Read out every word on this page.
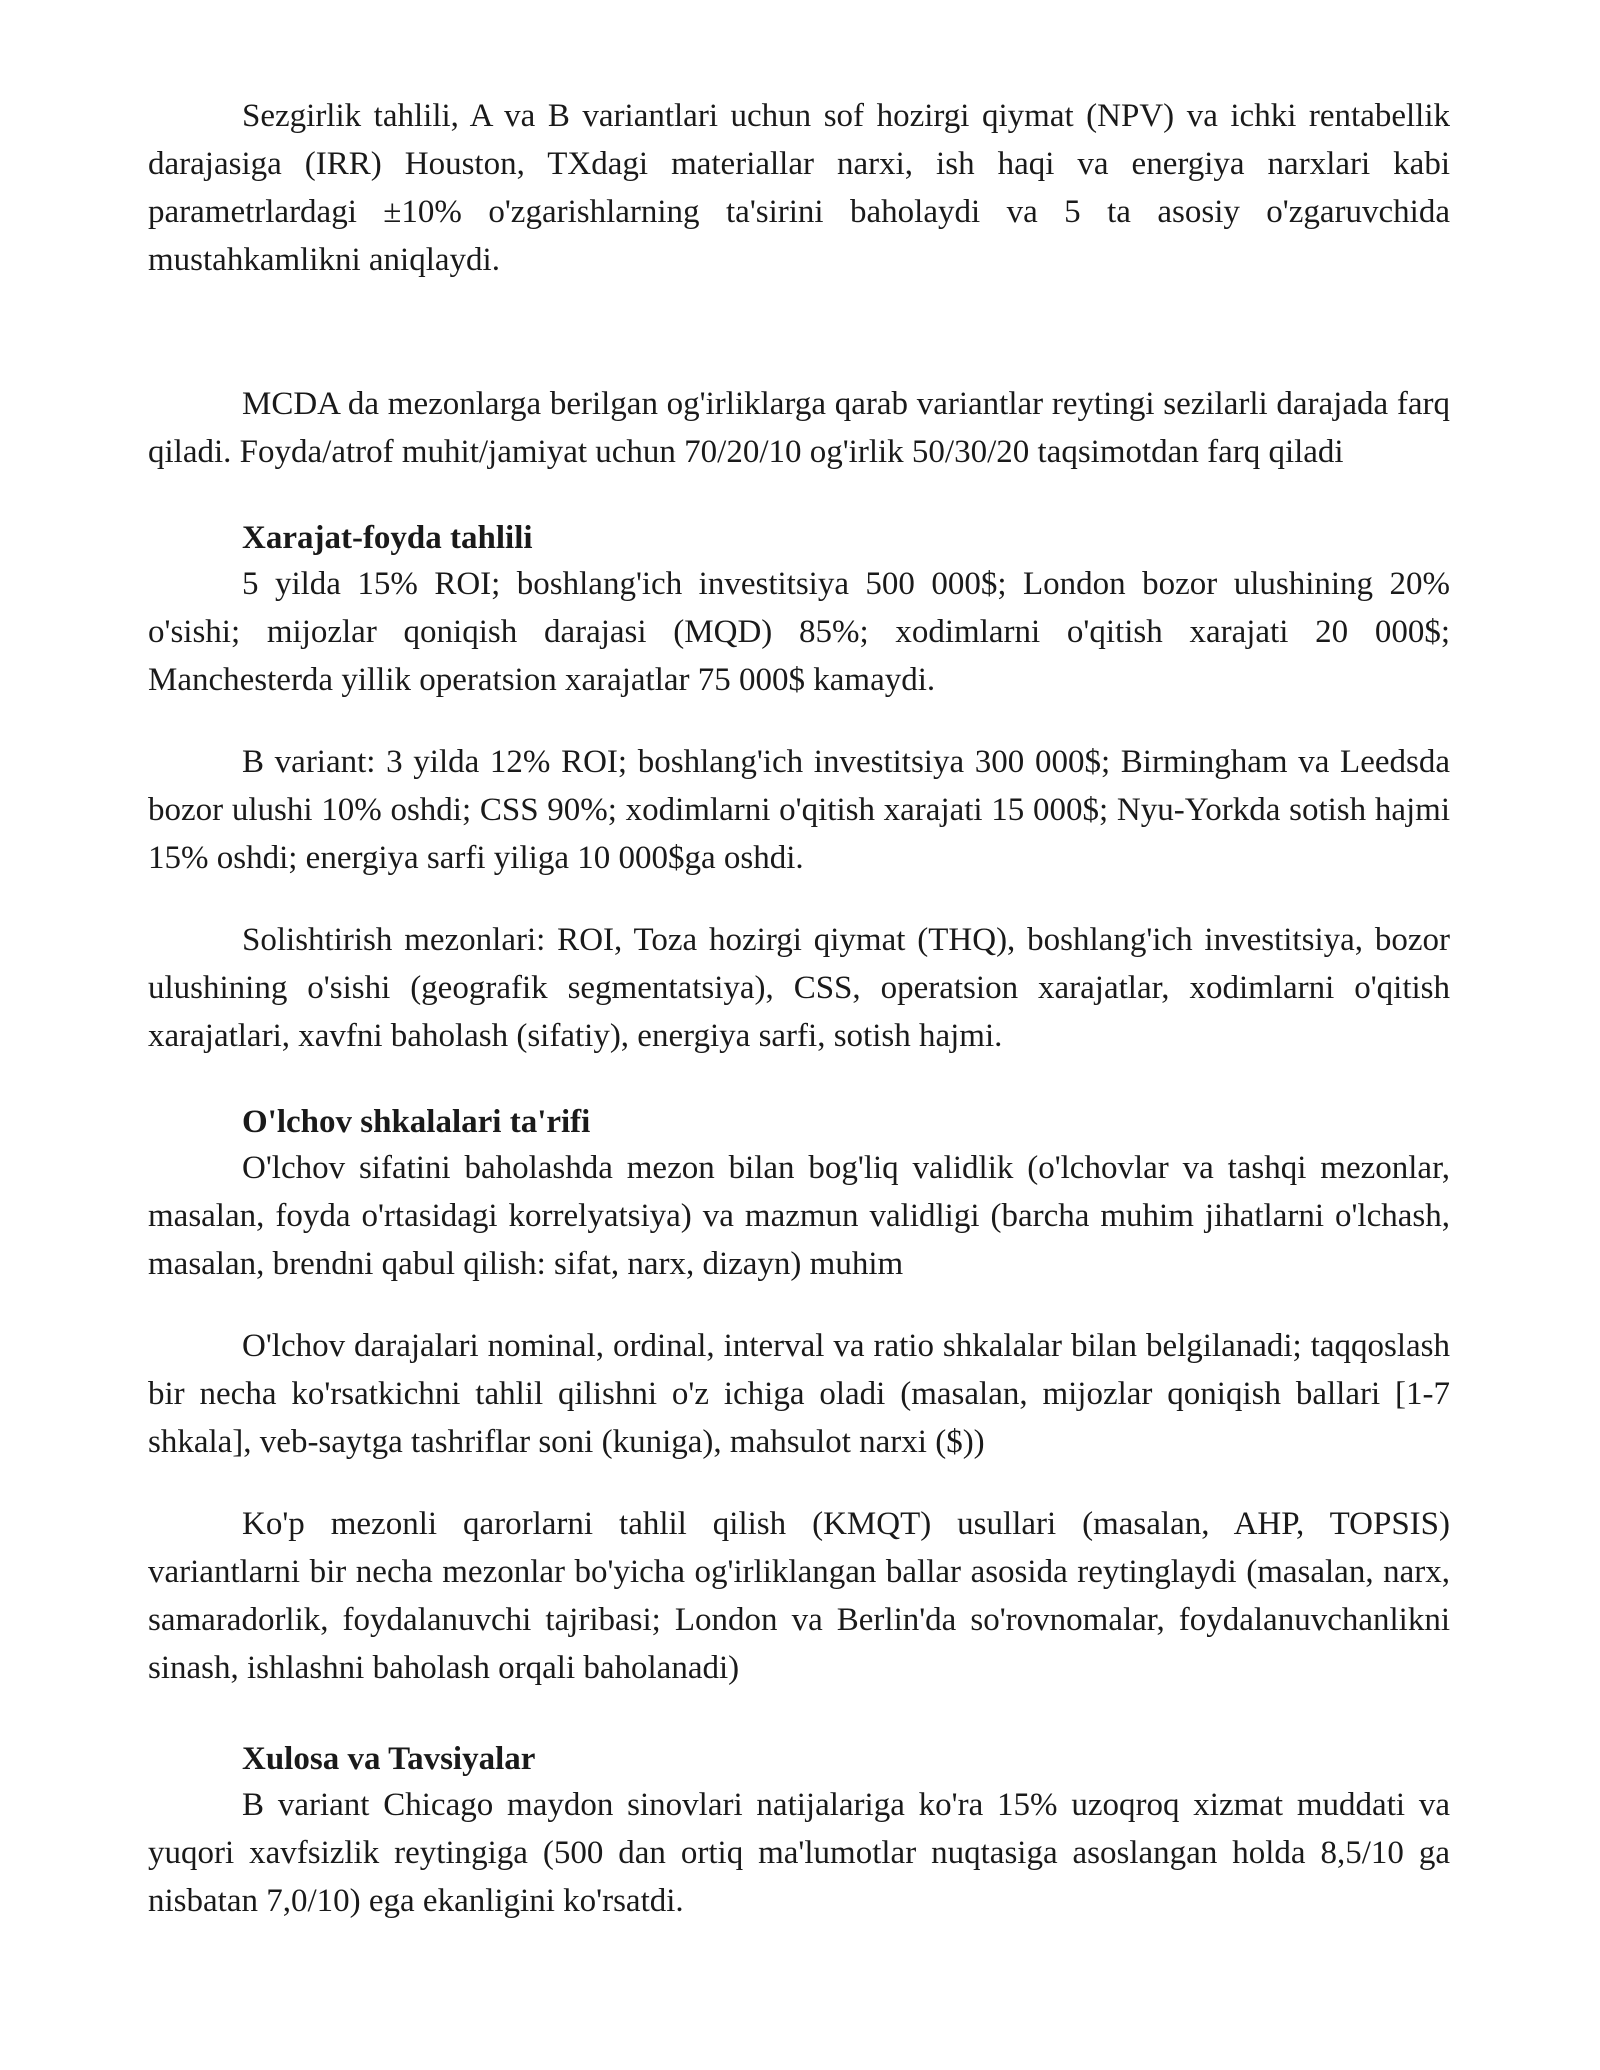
Sezgirlik tahlili, A va B variantlari uchun sof hozirgi qiymat (NPV) va ichki rentabellik darajasiga (IRR) Houston, TXdagi materiallar narxi, ish haqi va energiya narxlari kabi parametrlardagi ±10% o'zgarishlarning ta'sirini baholaydi va 5 ta asosiy o'zgaruvchida mustahkamlikni aniqlaydi.

MCDA da mezonlarga berilgan og'irliklarga qarab variantlar reytingi sezilarli darajada farq qiladi. Foyda/atrof muhit/jamiyat uchun 70/20/10 og'irlik 50/30/20 taqsimotdan farq qiladi

Xarajat-foyda tahlili

5 yilda 15% ROI; boshlang'ich investitsiya 500 000$; London bozor ulushining 20% o'sishi; mijozlar qoniqish darajasi (MQD) 85%; xodimlarni o'qitish xarajati 20 000$; Manchesterda yillik operatsion xarajatlar 75 000$ kamaydi.

B variant: 3 yilda 12% ROI; boshlang'ich investitsiya 300 000$; Birmingham va Leedsda bozor ulushi 10% oshdi; CSS 90%; xodimlarni o'qitish xarajati 15 000$; Nyu-Yorkda sotish hajmi 15% oshdi; energiya sarfi yiliga 10 000$ga oshdi.

Solishtirish mezonlari: ROI, Toza hozirgi qiymat (THQ), boshlang'ich investitsiya, bozor ulushining o'sishi (geografik segmentatsiya), CSS, operatsion xarajatlar, xodimlarni o'qitish xarajatlari, xavfni baholash (sifatiy), energiya sarfi, sotish hajmi.

O'lchov shkalalari ta'rifi

O'lchov sifatini baholashda mezon bilan bog'liq validlik (o'lchovlar va tashqi mezonlar, masalan, foyda o'rtasidagi korrelyatsiya) va mazmun validligi (barcha muhim jihatlarni o'lchash, masalan, brendni qabul qilish: sifat, narx, dizayn) muhim

O'lchov darajalari nominal, ordinal, interval va ratio shkalalar bilan belgilanadi; taqqoslash bir necha ko'rsatkichni tahlil qilishni o'z ichiga oladi (masalan, mijozlar qoniqish ballari [1-7 shkala], veb-saytga tashriflar soni (kuniga), mahsulot narxi ($))

Ko'p mezonli qarorlarni tahlil qilish (KMQT) usullari (masalan, AHP, TOPSIS) variantlarni bir necha mezonlar bo'yicha og'irliklangan ballar asosida reytinglaydi (masalan, narx, samaradorlik, foydalanuvchi tajribasi; London va Berlin'da so'rovnomalar, foydalanuvchanlikni sinash, ishlashni baholash orqali baholanadi)

Xulosa va Tavsiyalar

B variant Chicago maydon sinovlari natijalariga ko'ra 15% uzoqroq xizmat muddati va yuqori xavfsizlik reytingiga (500 dan ortiq ma'lumotlar nuqtasiga asoslangan holda 8,5/10 ga nisbatan 7,0/10) ega ekanligini ko'rsatdi.
